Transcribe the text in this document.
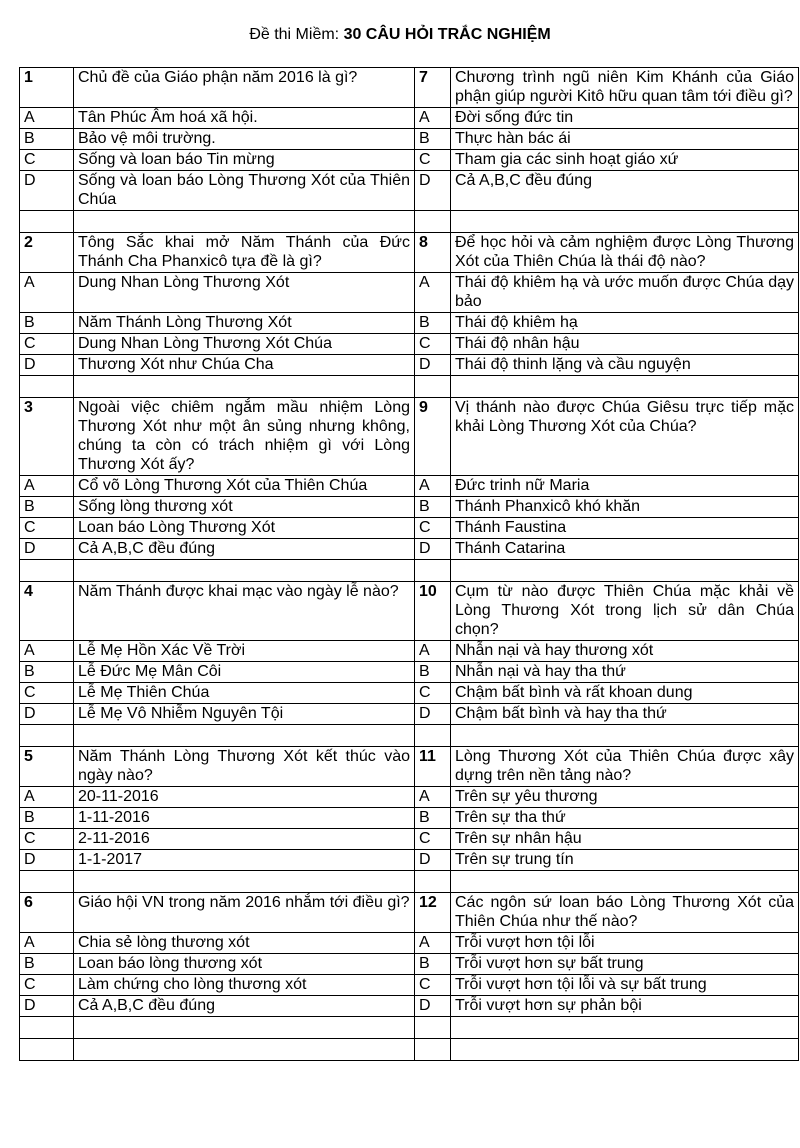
Đề thi Miềm: 30 CÂU HỎI TRẮC NGHIỆM
1	Chủ đề của Giáo phận năm 2016 là gì?	7	Chương trình ngũ niên Kim Khánh của Giáo phận giúp người Kitô hữu quan tâm tới điều gì?
A	Tân Phúc Âm hoá xã hội.	A	Đời sống đức tin
B	Bảo vệ môi trường.	B	Thực hàn bác ái
C	Sống và loan báo Tin mừng	C	Tham gia các sinh hoạt giáo xứ
D	Sống và loan báo Lòng Thương Xót của Thiên Chúa	D	Cả A,B,C đều đúng

2	Tông Sắc khai mở Năm Thánh của Đức Thánh Cha Phanxicô tựa đề là gì?	8	Để học hỏi và cảm nghiệm được Lòng Thương Xót của Thiên Chúa là thái độ nào?
A	Dung Nhan Lòng Thương Xót	A	Thái độ khiêm hạ và ước muốn được Chúa dạy bảo
B	Năm Thánh Lòng Thương Xót	B	Thái độ khiêm hạ
C	Dung Nhan Lòng Thương Xót Chúa	C	Thái độ nhân hậu
D	Thương Xót như Chúa Cha	D	Thái độ thinh lặng và cầu nguyện

3	Ngoài việc chiêm ngắm mầu nhiệm Lòng Thương Xót như một ân sủng nhưng không, chúng ta còn có trách nhiệm gì với Lòng Thương Xót ấy?	9	Vị thánh nào được Chúa Giêsu trực tiếp mặc khải Lòng Thương Xót của Chúa?
A	Cổ võ Lòng Thương Xót của Thiên Chúa	A	Đức trinh nữ Maria
B	Sống lòng thương xót	B	Thánh Phanxicô khó khăn
C	Loan báo Lòng Thương Xót	C	Thánh Faustina
D	Cả A,B,C đều đúng	D	Thánh Catarina

4	Năm Thánh được khai mạc vào ngày lễ nào?	10	Cụm từ nào được Thiên Chúa mặc khải về Lòng Thương Xót trong lịch sử dân Chúa chọn?
A	Lễ Mẹ Hồn Xác Về Trời	A	Nhẫn nại và hay thương xót
B	Lễ Đức Mẹ Mân Côi	B	Nhẫn nại và hay tha thứ
C	Lễ Mẹ Thiên Chúa	C	Chậm bất bình và rất khoan dung
D	Lễ Mẹ Vô Nhiễm Nguyên Tội	D	Chậm bất bình và hay tha thứ

5	Năm Thánh Lòng Thương Xót kết thúc vào ngày nào?	11	Lòng Thương Xót của Thiên Chúa được xây dựng trên nền tảng nào?
A	20-11-2016	A	Trên sự yêu thương
B	1-11-2016	B	Trên sự tha thứ
C	2-11-2016	C	Trên sự nhân hậu
D	1-1-2017	D	Trên sự trung tín

6	Giáo hội VN trong năm 2016 nhắm tới điều gì?	12	Các ngôn sứ loan báo Lòng Thương Xót của Thiên Chúa như thế nào?
A	Chia sẻ lòng thương xót	A	Trỗi vượt hơn tội lỗi
B	Loan báo lòng thương xót	B	Trỗi vượt hơn sự bất trung
C	Làm chứng cho lòng thương xót	C	Trỗi vượt hơn tội lỗi và sự bất trung
D	Cả A,B,C đều đúng	D	Trỗi vượt hơn sự phản bội
